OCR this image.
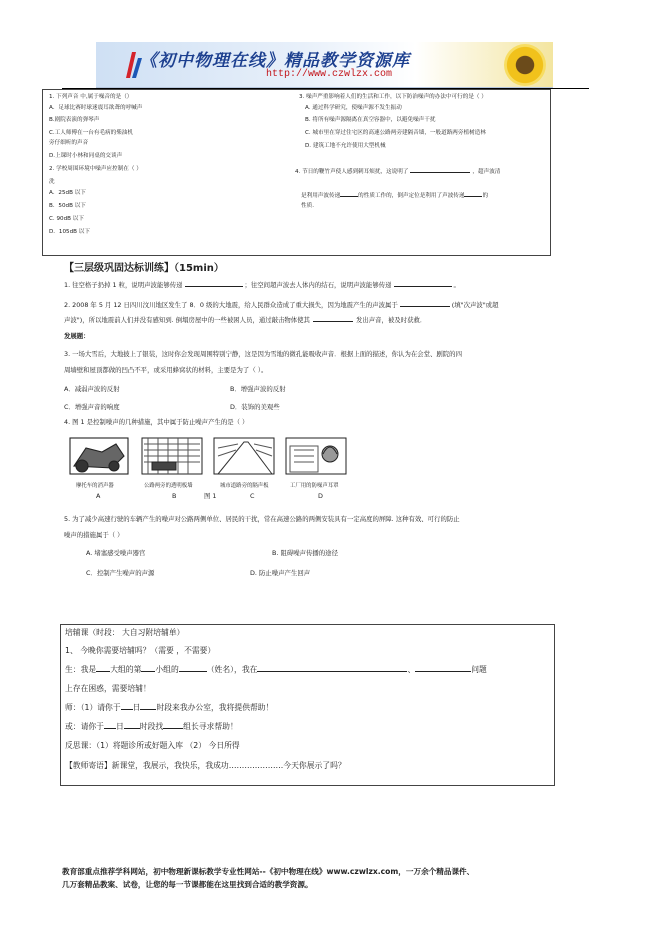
《初中物理在线》精品教学资源库
http://www.czwlzx.com
1. 下列声音 中,属于噪音的是（）
A．足球比赛时球迷震耳欲聋的呼喊声
B.剧院表演的弹琴声
C.工人师傅在一台有毛病的柴油机
旁仔细听的声音
D.上课时小林和同桌的交谈声
2. 学校周围环境中噪声应控制在（ ）
洗
A．25dB 以下
B．50dB 以下
C. 90dB 以下
D．105dB 以下
3. 噪声严重影响着人们的生活和工作，以下防治噪声的办法中可行的是（ ）
A. 通过科学研究，使噪声源不发生振动
B. 将所有噪声源隔离在真空容器中，以避免噪声干扰
C. 城市里在穿过住宅区的高速公路两旁建隔音墙，一般道路两旁植树造林
D. 建筑工地不允许使用大型机械
4. 节日的鞭竹声使人感到刺耳烦扰，这说明了	，超声波清
是利用声波传递	的性质工作的，倒声定位是利用了声波传递	的
性质.
【三层级巩固达标训练】（15min）
1. 往空格子扔掉 1 粒，说明声波能够传递	；往空间超声波去人体内的结石，说明声波能够传递	。
2. 2008 年 5 月 12 日四川汶川地区发生了 8．0 级的大地震，给人民群众造成了重大损失，因为地震产生的声波属于	(填"次声波"或超
声波")，所以地震前人们并没有感知到. 倒塌房屋中的一些被困人员，通过敲击物体使其	发出声音，被及时获救．
发展题：
3. 一场大雪后，大地披上了银装，这时你会发现周围特别宁静，这是因为雪地的微孔能吸收声音．根据上面的描述，你认为在会堂、剧院的四
周墙壁和屋顶都做的凹凸不平，或采用蜂窝状的材料，主要是为了（ ）。
A．减弱声波的反射	B．增强声波的反射
C．增强声音的响度	D．装饰的美观些
4. 图 1 是控制噪声的几种措施，其中属于防止噪声产生的是（ ）
摩托车的消声器	公路两旁的透明板墙	城市道路旁的隔声板	工厂用的防噪声耳罩
A	B	图 1	C	D
5. 为了减少高速行驶的车辆产生的噪声对公路两侧单位、居民的干扰，常在高速公路的两侧安装具有一定高度的屏障. 这种有效、可行的防止
噪声的措施属于（ ）
A. 堵塞感受噪声器官	B. 阻碍噪声传播的途径
C．控制产生噪声的声源	D. 防止噪声产生回声
培辅课（时段： 大自习附培辅单）
1、 今晚你需要培辅吗？（需要 ，不需要）
生：我是 大组的第 小组的	（姓名），我在	、	问题
上存在困惑，需要培辅！
师：（1）请你于 日 时段来我办公室，我将提供帮助！
或：请你于 日 时段找	组长寻求帮助！
反思课：（1）将题诊所或好题入库 （2） 今日所得
【教师寄语】新课堂，我展示，我快乐，我成功…………………今天你展示了吗？
教育部重点推荐学科网站，初中物理新课标教学专业性网站--《初中物理在线》www.czwlzx.com，一万余个精品课件、
几万套精品教案、试卷，让您的每一节课都能在这里找到合适的教学资源。
